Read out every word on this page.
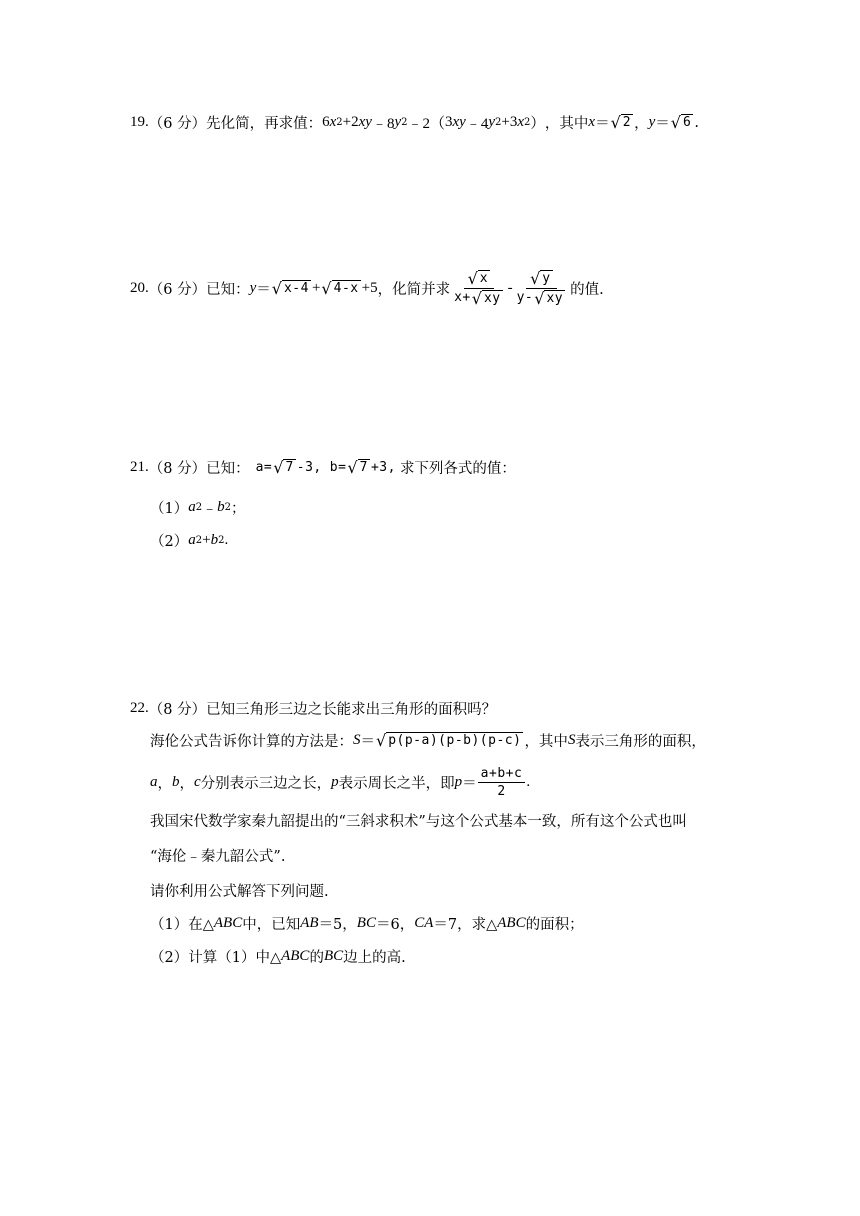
19. （6 分） 先化简，再求值： 6 x 2 +2 xy ﹣8 y 2 ﹣2（ 3 xy ﹣4 y 2 +3 x 2 ） ，其中 x ＝ √ 2 ， y ＝ √ 6 .
20. （6 分） 已知： y ＝ √ x-4 + √ 4-x +5 ，化简并求 $\frac{√ x}{x+ √ xy} - \frac{√ y}{y- √ xy}$ 的值.
21. （8 分） 已知： a= √ 7 -3, b= √ 7 +3, 求下列各式的值：
（1） a 2 ﹣ b 2 ；
（2） a 2 + b 2 .
22. （8 分） 已知三角形三边之长能求出三角形的面积吗？
海伦公式告诉你计算的方法是： S ＝ √ p(p-a)(p-b)(p-c) ，其中 S 表示三角形的面积，
a ， b ， c 分别表示三边之长， p 表示周长之半，即 $p = \frac{a+b+c}{2}$ .
我国宋代数学家秦九韶提出的“三斜求积术”与这个公式基本一致，所有这个公式也叫
“海伦﹣秦九韶公式”.
请你利用公式解答下列问题.
（1）在△ ABC 中，已知 AB ＝5， BC ＝6， CA ＝7，求△ ABC 的面积；
（2）计算（1）中△ ABC 的 BC 边上的高.
